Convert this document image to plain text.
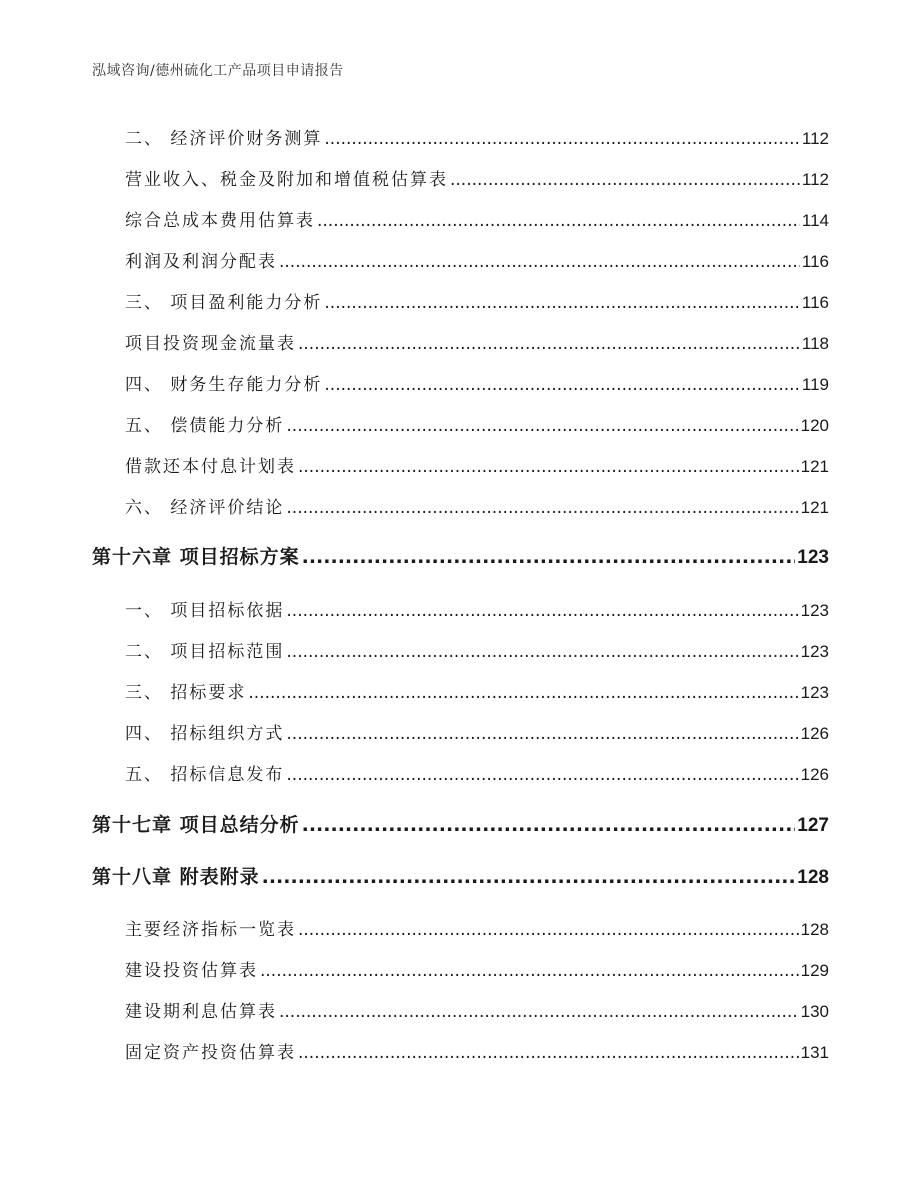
泓域咨询/德州硫化工产品项目申请报告
二、 经济评价财务测算 .....	112
营业收入、税金及附加和增值税估算表 .....	112
综合总成本费用估算表 .....	114
利润及利润分配表 .....	116
三、 项目盈利能力分析 .....	116
项目投资现金流量表 .....	118
四、 财务生存能力分析 .....	119
五、 偿债能力分析 .....	120
借款还本付息计划表 .....	121
六、 经济评价结论 .....	121
第十六章 项目招标方案 .....	123
一、 项目招标依据 .....	123
二、 项目招标范围 .....	123
三、 招标要求 .....	123
四、 招标组织方式 .....	126
五、 招标信息发布 .....	126
第十七章 项目总结分析 .....	127
第十八章 附表附录 .....	128
主要经济指标一览表 .....	128
建设投资估算表 .....	129
建设期利息估算表 .....	130
固定资产投资估算表 .....	131
